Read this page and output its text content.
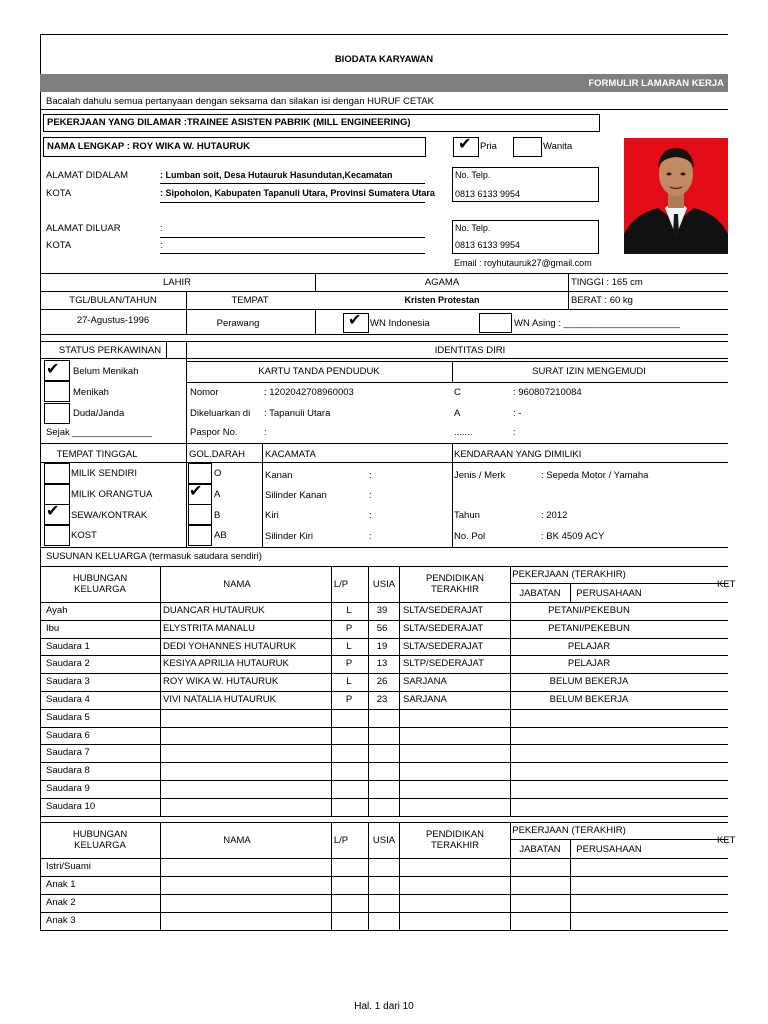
BIODATA KARYAWAN
FORMULIR LAMARAN KERJA
Bacalah dahulu semua pertanyaan dengan seksama dan silakan isi dengan HURUF CETAK
PEKERJAAN YANG DILAMAR :TRAINEE ASISTEN PABRIK (MILL ENGINEERING)
NAMA LENGKAP : ROY WIKA W. HUTAURUK	✔ Pria	Wanita
ALAMAT DIDALAM	: Lumban soit, Desa Hutauruk Hasundutan,Kecamatan
KOTA	: Sipoholon, Kabupaten Tapanuli Utara, Provinsi Sumatera Utara
No. Telp.
0813 6133 9954
ALAMAT DILUAR	:
KOTA	:
No. Telp.
0813 6133 9954
Email : royhutauruk27@gmail.com
LAHIR	AGAMA	TINGGI : 165 cm
TGL/BULAN/TAHUN	TEMPAT	Kristen Protestan	BERAT : 60 kg
27-Agustus-1996	Perawang	✔ WN Indonesia	WN Asing : ______________________
STATUS PERKAWINAN	IDENTITAS DIRI
KARTU TANDA PENDUDUK	SURAT IZIN MENGEMUDI
✔ Belum Menikah
Menikah
Duda/Janda
Sejak _______________
Nomor	: 1202042708960003
Dikeluarkan di : Tapanuli Utara
Paspor No.	:
C	: 960807210084
A	: -
.......	:
TEMPAT TINGGAL	GOL.DARAH KACAMATA	KENDARAAN YANG DIMILIKI
MILIK SENDIRI
MILIK ORANGTUA
✔ SEWA/KONTRAK
KOST
O
✔ A
B
AB
Kanan	:
Silinder Kanan	:
Kiri	:
Silinder Kiri	:
Jenis / Merk	: Sepeda Motor / Yamaha
Tahun	: 2012
No. Pol	: BK 4509 ACY
SUSUNAN KELUARGA (termasuk saudara sendiri)
HUBUNGAN KELUARGA	NAMA	L/P	USIA
PENDIDIKAN TERAKHIR
PEKERJAAN (TERAKHIR)
JABATAN PERUSAHAAN
KET
Ayah	DUANCAR HUTAURUK	L	39 SLTA/SEDERAJAT	PETANI/PEKEBUN
Ibu	ELYSTRITA MANALU	P	56 SLTA/SEDERAJAT	PETANI/PEKEBUN
Saudara 1	DEDI YOHANNES HUTAURUK	L	19 SLTA/SEDERAJAT	PELAJAR
Saudara 2	KESIYA APRILIA HUTAURUK	P	13 SLTP/SEDERAJAT	PELAJAR
Saudara 3	ROY WIKA W. HUTAURUK	L	26 SARJANA	BELUM BEKERJA
Saudara 4	VIVI NATALIA HUTAURUK	P	23 SARJANA	BELUM BEKERJA
Saudara 5
Saudara 6
Saudara 7
Saudara 8
Saudara 9
Saudara 10
HUBUNGAN KELUARGA	NAMA	L/P	USIA
PENDIDIKAN TERAKHIR
PEKERJAAN (TERAKHIR)
JABATAN PERUSAHAAN
KET
Istri/Suami
Anak 1
Anak 2
Anak 3
Hal. 1 dari 10
